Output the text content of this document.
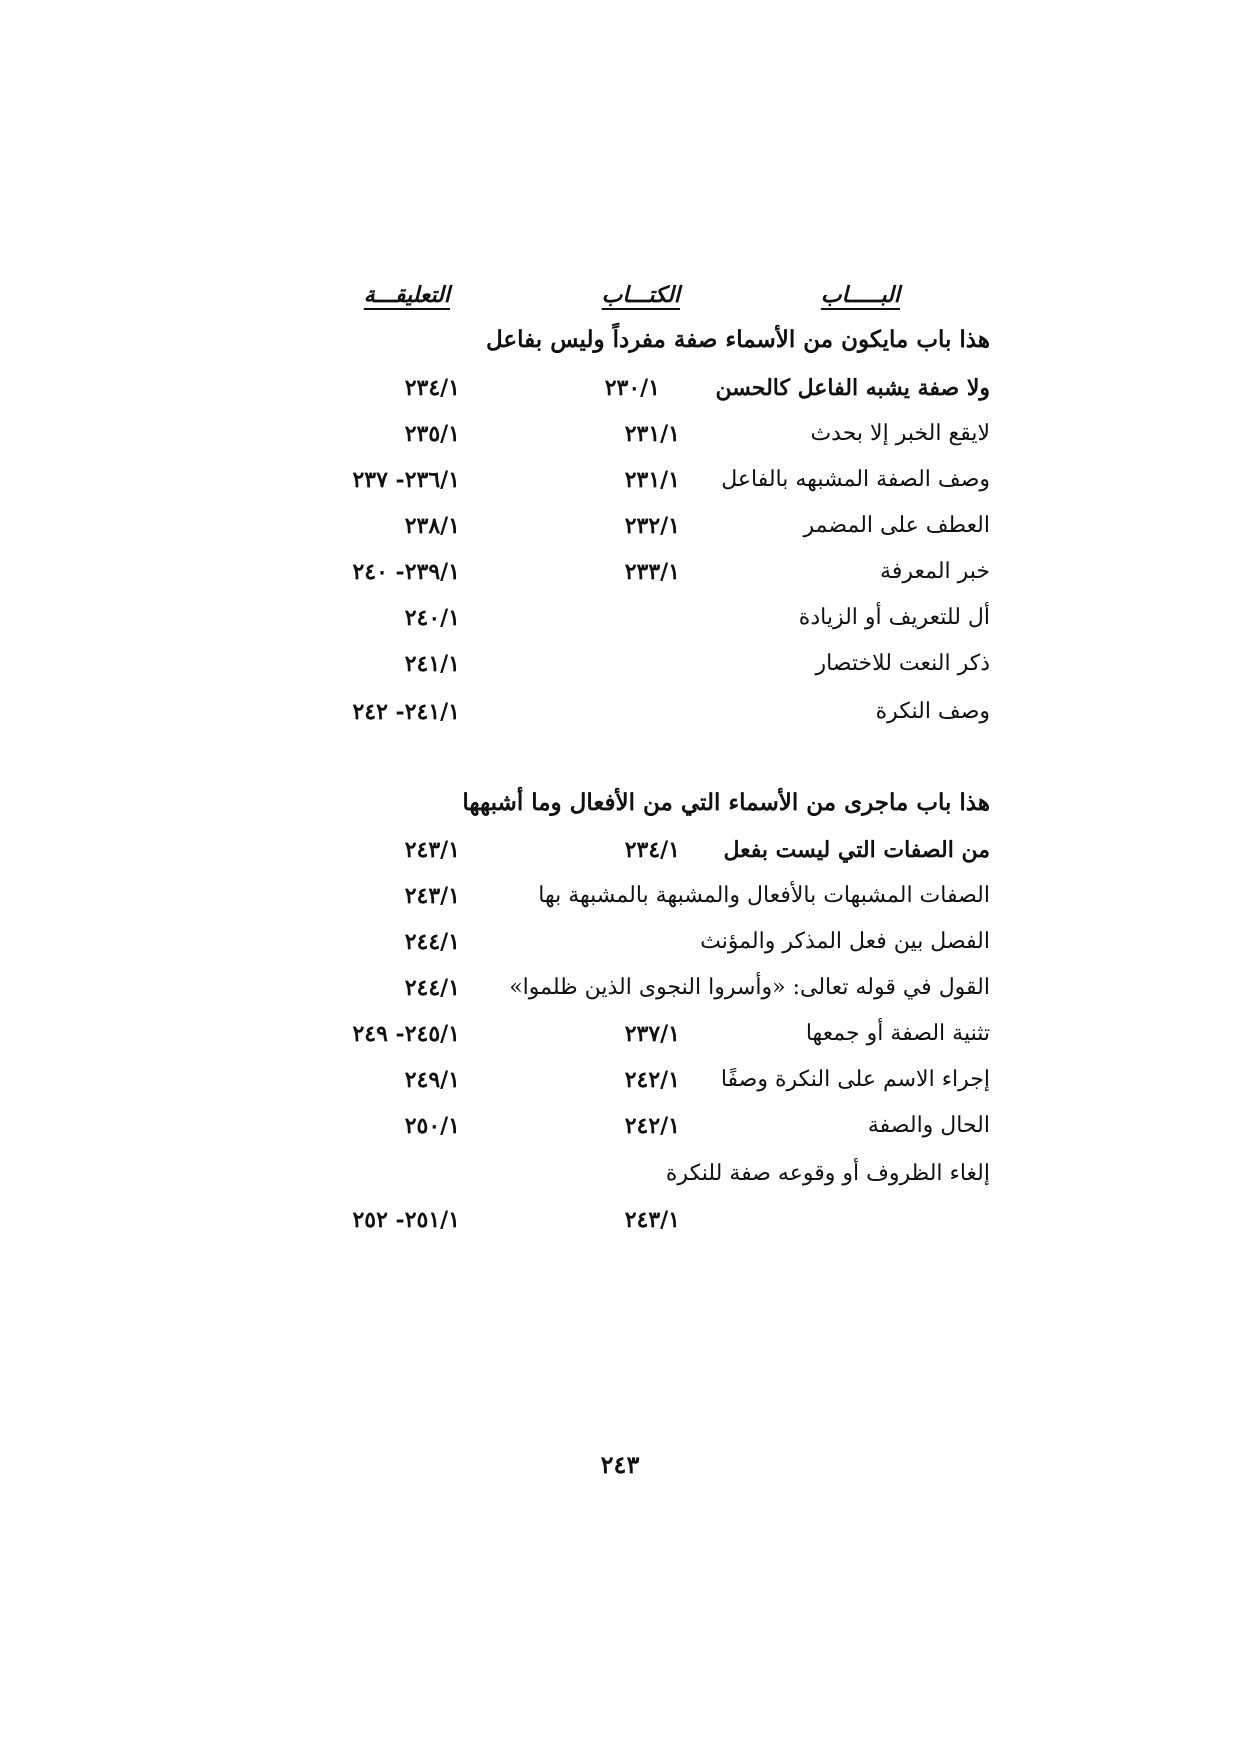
البـــــاب
الكتـــاب
التعليقـــة
هذا باب مايكون من الأسماء صفة مفرداً وليس بفاعل
ولا صفة يشبه الفاعل كالحسن
٢٣٠/١
٢٣٤/١
لايقع الخبر إلا بحدث
٢٣١/١
٢٣٥/١
وصف الصفة المشبهه بالفاعل
٢٣١/١
٢٣٦/١- ٢٣٧
العطف على المضمر
٢٣٢/١
٢٣٨/١
خبر المعرفة
٢٣٣/١
٢٣٩/١- ٢٤٠
أل للتعريف أو الزيادة
٢٤٠/١
ذكر النعت للاختصار
٢٤١/١
وصف النكرة
٢٤١/١- ٢٤٢
هذا باب ماجرى من الأسماء التي من الأفعال وما أشبهها
من الصفات التي ليست بفعل
٢٣٤/١
٢٤٣/١
الصفات المشبهات بالأفعال والمشبهة بالمشبهة بها
٢٤٣/١
الفصل بين فعل المذكر والمؤنث
٢٤٤/١
القول في قوله تعالى: «وأسروا النجوى الذين ظلموا»
٢٤٤/١
تثنية الصفة أو جمعها
٢٣٧/١
٢٤٥/١- ٢٤٩
إجراء الاسم على النكرة وصفًا
٢٤٢/١
٢٤٩/١
الحال والصفة
٢٤٢/١
٢٥٠/١
إلغاء الظروف أو وقوعه صفة للنكرة
٢٤٣/١
٢٥١/١- ٢٥٢
٢٤٣
